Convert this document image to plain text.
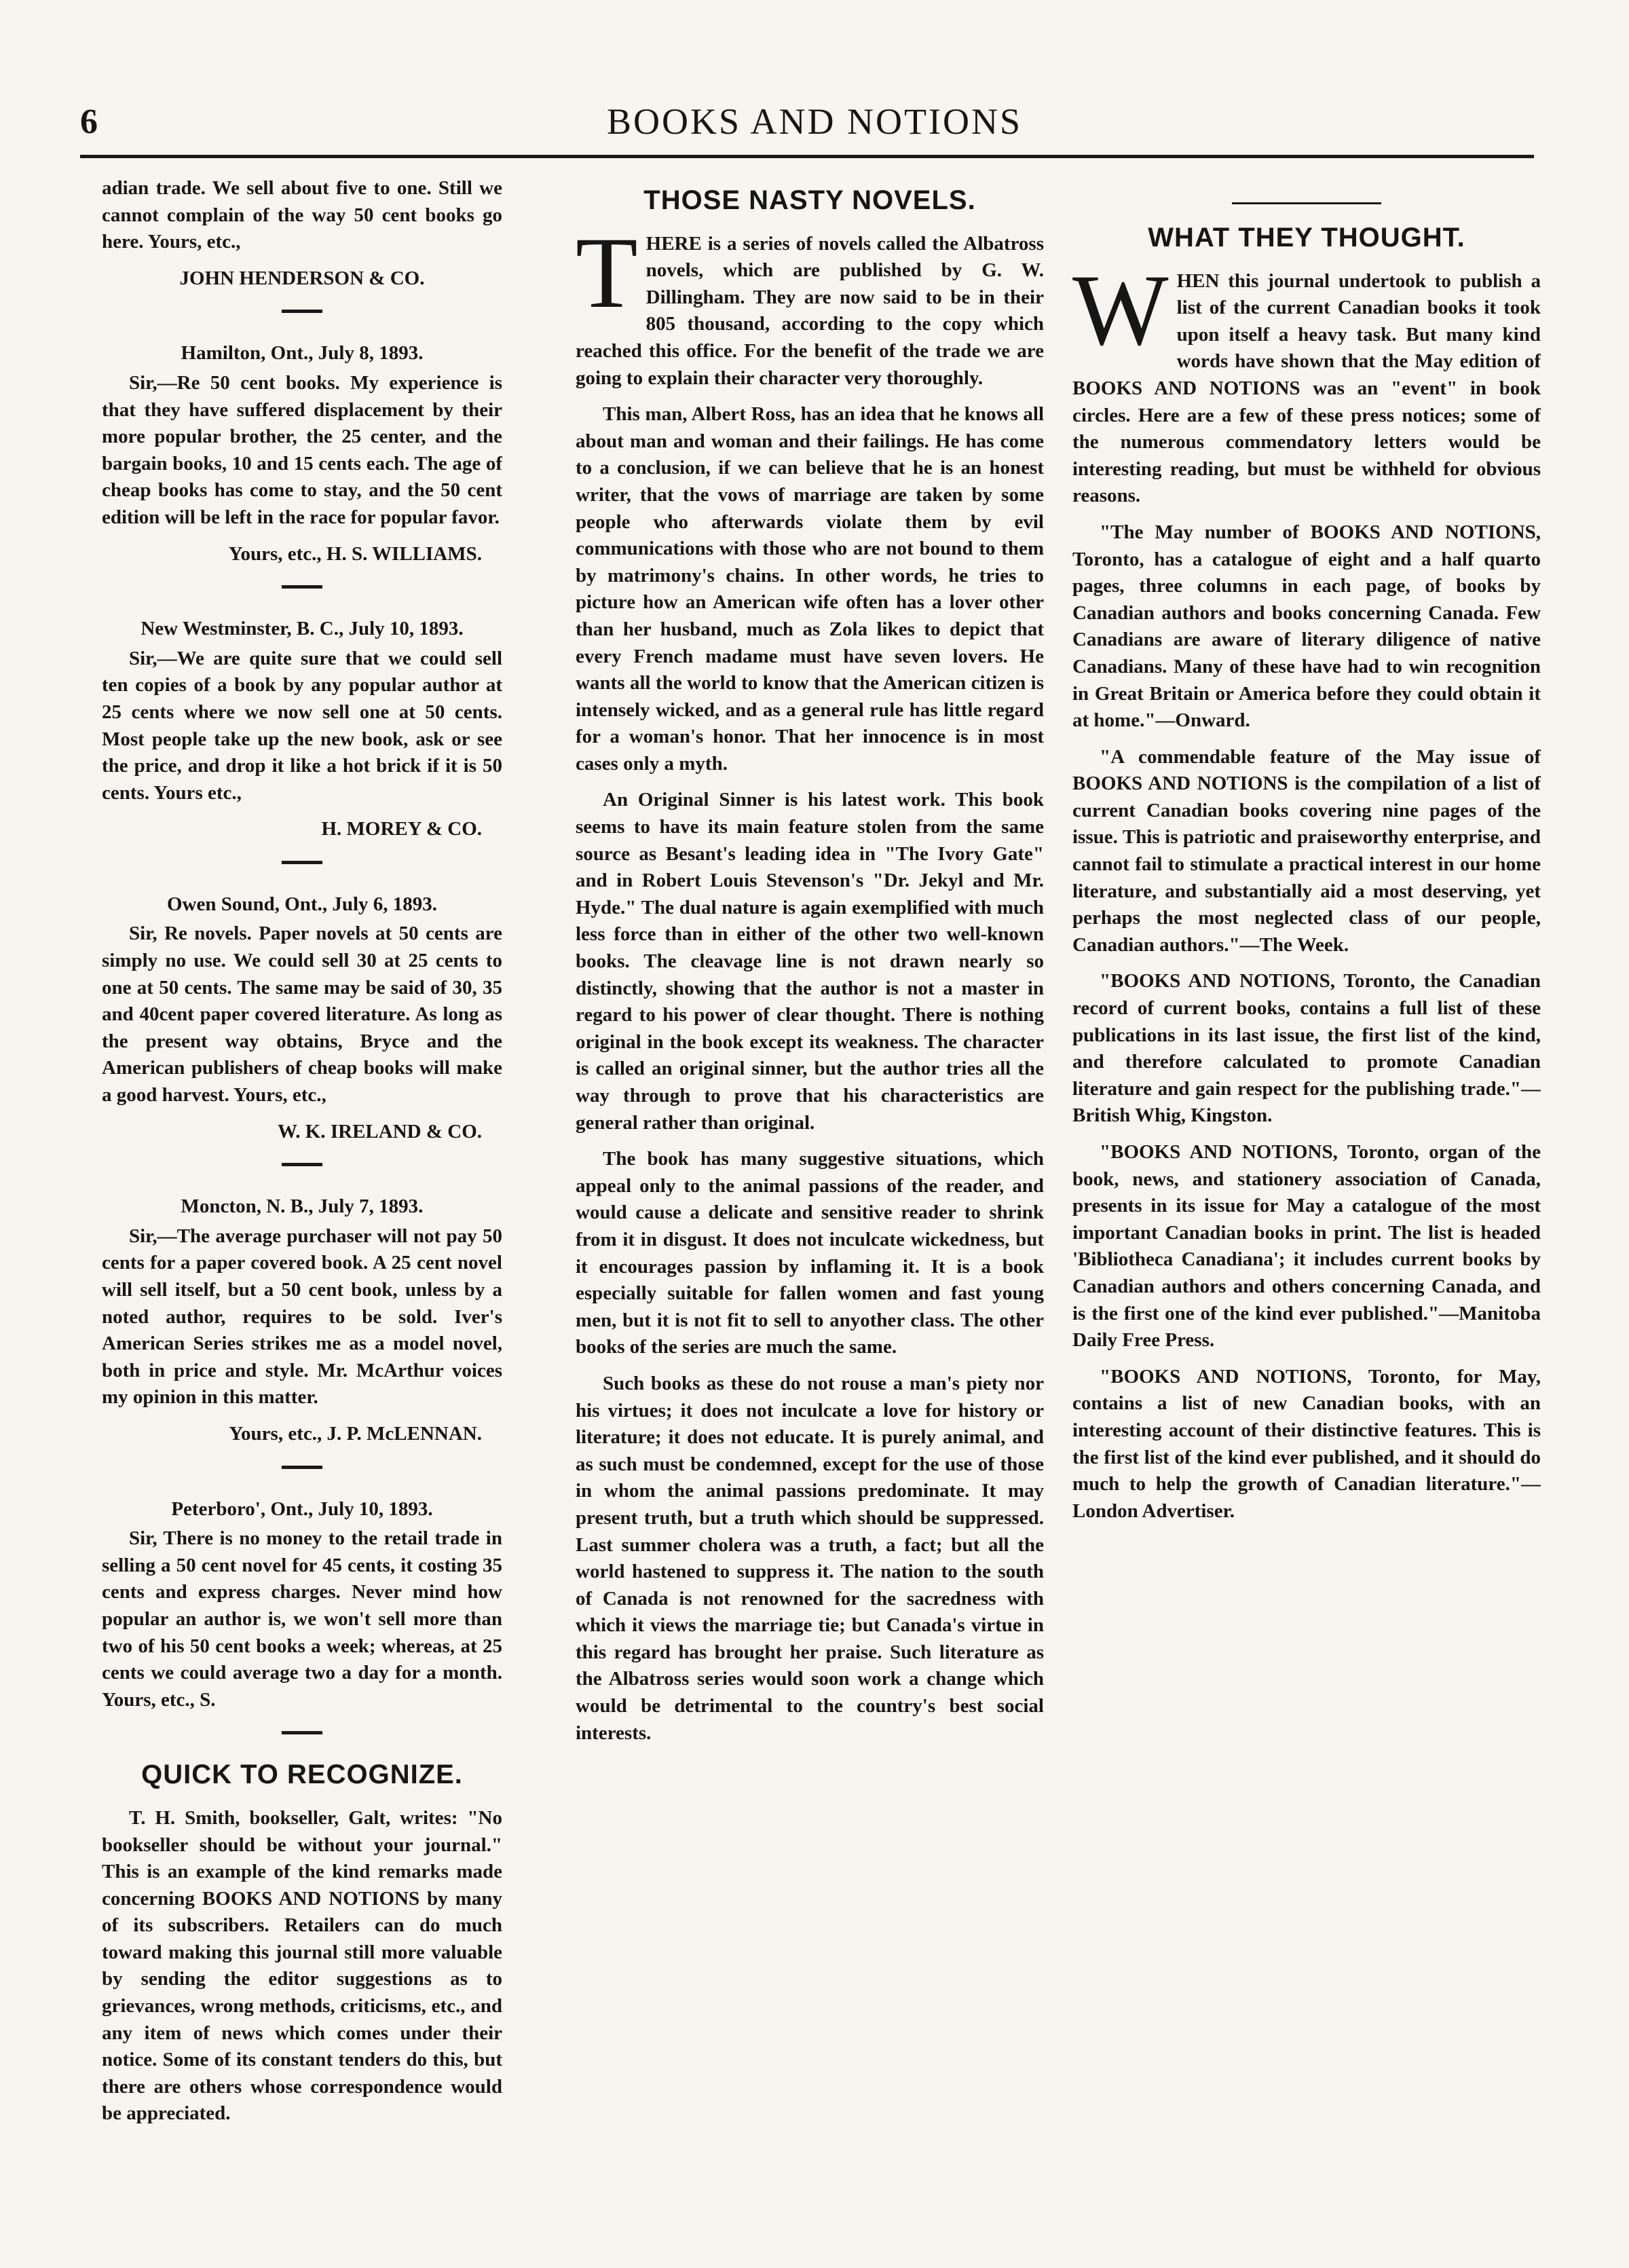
6	BOOKS AND NOTIONS

adian trade. We sell about five to one. Still we cannot complain of the way 50 cent books go here. Yours, etc.,

JOHN HENDERSON & CO.

Hamilton, Ont., July 8, 1893.

Sir,—Re 50 cent books. My experience is that they have suffered displacement by their more popular brother, the 25 center, and the bargain books, 10 and 15 cents each. The age of cheap books has come to stay, and the 50 cent edition will be left in the race for popular favor.

Yours, etc., H. S. WILLIAMS.

New Westminster, B. C., July 10, 1893.

Sir,—We are quite sure that we could sell ten copies of a book by any popular author at 25 cents where we now sell one at 50 cents. Most people take up the new book, ask or see the price, and drop it like a hot brick if it is 50 cents. Yours etc.,

H. MOREY & CO.

Owen Sound, Ont., July 6, 1893.

Sir, Re novels. Paper novels at 50 cents are simply no use. We could sell 30 at 25 cents to one at 50 cents. The same may be said of 30, 35 and 40cent paper covered literature. As long as the present way obtains, Bryce and the American publishers of cheap books will make a good harvest. Yours, etc.,

W. K. IRELAND & CO.

Moncton, N. B., July 7, 1893.

Sir,—The average purchaser will not pay 50 cents for a paper covered book. A 25 cent novel will sell itself, but a 50 cent book, unless by a noted author, requires to be sold. Iver's American Series strikes me as a model novel, both in price and style. Mr. McArthur voices my opinion in this matter.

Yours, etc., J. P. McLENNAN.

Peterboro', Ont., July 10, 1893.

Sir, There is no money to the retail trade in selling a 50 cent novel for 45 cents, it costing 35 cents and express charges. Never mind how popular an author is, we won't sell more than two of his 50 cent books a week; whereas, at 25 cents we could average two a day for a month. Yours, etc., S.

QUICK TO RECOGNIZE.

T. H. Smith, bookseller, Galt, writes: "No bookseller should be without your journal." This is an example of the kind remarks made concerning BOOKS AND NOTIONS by many of its subscribers. Retailers can do much toward making this journal still more valuable by sending the editor suggestions as to grievances, wrong methods, criticisms, etc., and any item of news which comes under their notice. Some of its constant tenders do this, but there are others whose correspondence would be appreciated.

THOSE NASTY NOVELS.

THERE is a series of novels called the Albatross novels, which are published by G. W. Dillingham. They are now said to be in their 805 thousand, according to the copy which reached this office. For the benefit of the trade we are going to explain their character very thoroughly.

This man, Albert Ross, has an idea that he knows all about man and woman and their failings. He has come to a conclusion, if we can believe that he is an honest writer, that the vows of marriage are taken by some people who afterwards violate them by evil communications with those who are not bound to them by matrimony's chains. In other words, he tries to picture how an American wife often has a lover other than her husband, much as Zola likes to depict that every French madame must have seven lovers. He wants all the world to know that the American citizen is intensely wicked, and as a general rule has little regard for a woman's honor. That her innocence is in most cases only a myth.

An Original Sinner is his latest work. This book seems to have its main feature stolen from the same source as Besant's leading idea in "The Ivory Gate" and in Robert Louis Stevenson's "Dr. Jekyl and Mr. Hyde." The dual nature is again exemplified with much less force than in either of the other two well-known books. The cleavage line is not drawn nearly so distinctly, showing that the author is not a master in regard to his power of clear thought. There is nothing original in the book except its weakness. The character is called an original sinner, but the author tries all the way through to prove that his characteristics are general rather than original.

The book has many suggestive situations, which appeal only to the animal passions of the reader, and would cause a delicate and sensitive reader to shrink from it in disgust. It does not inculcate wickedness, but it encourages passion by inflaming it. It is a book especially suitable for fallen women and fast young men, but it is not fit to sell to anyother class. The other books of the series are much the same.

Such books as these do not rouse a man's piety nor his virtues; it does not inculcate a love for history or literature; it does not educate. It is purely animal, and as such must be condemned, except for the use of those in whom the animal passions predominate. It may present truth, but a truth which should be suppressed. Last summer cholera was a truth, a fact; but all the world hastened to suppress it. The nation to the south of Canada is not renowned for the sacredness with which it views the marriage tie; but Canada's virtue in this regard has brought her praise. Such literature as the Albatross series would soon work a change which would be detrimental to the country's best social interests.

WHAT THEY THOUGHT.

WHEN this journal undertook to publish a list of the current Canadian books it took upon itself a heavy task. But many kind words have shown that the May edition of BOOKS AND NOTIONS was an "event" in book circles. Here are a few of these press notices; some of the numerous commendatory letters would be interesting reading, but must be withheld for obvious reasons.

"The May number of BOOKS AND NOTIONS, Toronto, has a catalogue of eight and a half quarto pages, three columns in each page, of books by Canadian authors and books concerning Canada. Few Canadians are aware of literary diligence of native Canadians. Many of these have had to win recognition in Great Britain or America before they could obtain it at home."—Onward.

"A commendable feature of the May issue of BOOKS AND NOTIONS is the compilation of a list of current Canadian books covering nine pages of the issue. This is patriotic and praiseworthy enterprise, and cannot fail to stimulate a practical interest in our home literature, and substantially aid a most deserving, yet perhaps the most neglected class of our people, Canadian authors."—The Week.

"BOOKS AND NOTIONS, Toronto, the Canadian record of current books, contains a full list of these publications in its last issue, the first list of the kind, and therefore calculated to promote Canadian literature and gain respect for the publishing trade."—British Whig, Kingston.

"BOOKS AND NOTIONS, Toronto, organ of the book, news, and stationery association of Canada, presents in its issue for May a catalogue of the most important Canadian books in print. The list is headed 'Bibliotheca Canadiana'; it includes current books by Canadian authors and others concerning Canada, and is the first one of the kind ever published."—Manitoba Daily Free Press.

"BOOKS AND NOTIONS, Toronto, for May, contains a list of new Canadian books, with an interesting account of their distinctive features. This is the first list of the kind ever published, and it should do much to help the growth of Canadian literature."—London Advertiser.
